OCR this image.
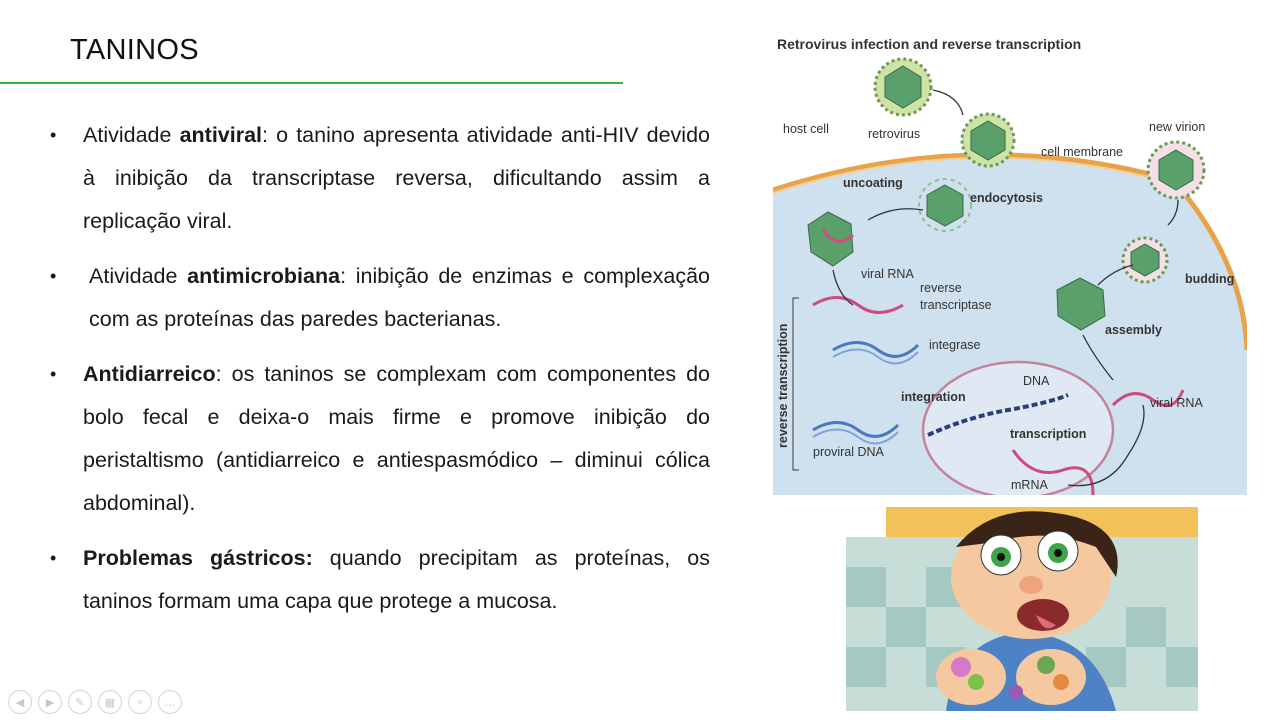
TANINOS
•	Atividade antiviral: o tanino apresenta atividade anti-HIV devido à inibição da transcriptase reversa, dificultando assim a replicação viral.
•	Atividade antimicrobiana: inibição de enzimas e complexação com as proteínas das paredes bacterianas.
•	Antidiarreico: os taninos se complexam com componentes do bolo fecal e deixa-o mais firme e promove inibição do peristaltismo (antidiarreico e antiespasmódico – diminui cólica abdominal).
•	Problemas gástricos: quando precipitam as proteínas, os taninos formam uma capa que protege a mucosa.
Retrovirus infection and reverse transcription
retrovirus
host cell	new virion
cell membrane
uncoating
endocytosis
budding
viral RNA
reverse
transcriptase
assembly
integrase
DNA
integration	viral RNA
transcription
proviral DNA
mRNA
reverse transcription
◀	▶	✎	▦	⌕	…
